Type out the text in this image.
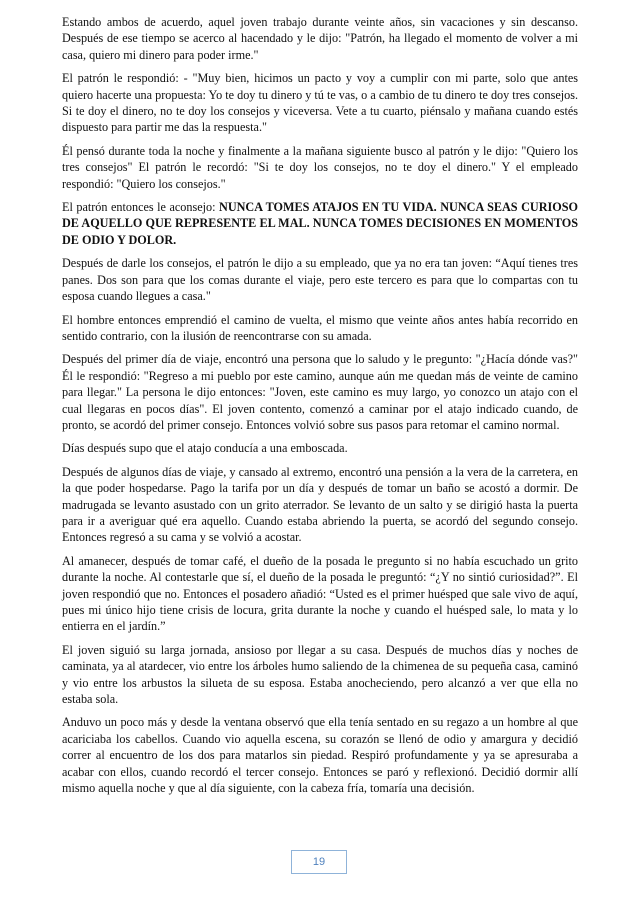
Estando ambos de acuerdo, aquel joven trabajo durante veinte años, sin vacaciones y sin descanso. Después de ese tiempo se acerco al hacendado y le dijo: "Patrón, ha llegado el momento de volver a mi casa, quiero mi dinero para poder irme."

El patrón le respondió: - "Muy bien, hicimos un pacto y voy a cumplir con mi parte, solo que antes quiero hacerte una propuesta: Yo te doy tu dinero y tú te vas, o a cambio de tu dinero te doy tres consejos. Si te doy el dinero, no te doy los consejos y viceversa. Vete a tu cuarto, piénsalo y mañana cuando estés dispuesto para partir me das la respuesta."

Él pensó durante toda la noche y finalmente a la mañana siguiente busco al patrón y le dijo: "Quiero los tres consejos" El patrón le recordó: "Si te doy los consejos, no te doy el dinero." Y el empleado respondió: "Quiero los consejos."

El patrón entonces le aconsejo: NUNCA TOMES ATAJOS EN TU VIDA. NUNCA SEAS CURIOSO DE AQUELLO QUE REPRESENTE EL MAL. NUNCA TOMES DECISIONES EN MOMENTOS DE ODIO Y DOLOR.

Después de darle los consejos, el patrón le dijo a su empleado, que ya no era tan joven: “Aquí tienes tres panes. Dos son para que los comas durante el viaje, pero este tercero es para que lo compartas con tu esposa cuando llegues a casa."

El hombre entonces emprendió el camino de vuelta, el mismo que veinte años antes había recorrido en sentido contrario, con la ilusión de reencontrarse con su amada.

Después del primer día de viaje, encontró una persona que lo saludo y le pregunto: "¿Hacía dónde vas?" Él le respondió: "Regreso a mi pueblo por este camino, aunque aún me quedan más de veinte de camino para llegar." La persona le dijo entonces: "Joven, este camino es muy largo, yo conozco un atajo con el cual llegaras en pocos días". El joven contento, comenzó a caminar por el atajo indicado cuando, de pronto, se acordó del primer consejo. Entonces volvió sobre sus pasos para retomar el camino normal.

Días después supo que el atajo conducía a una emboscada.

Después de algunos días de viaje, y cansado al extremo, encontró una pensión a la vera de la carretera, en la que poder hospedarse. Pago la tarifa por un día y después de tomar un baño se acostó a dormir. De madrugada se levanto asustado con un grito aterrador. Se levanto de un salto y se dirigió hasta la puerta para ir a averiguar qué era aquello. Cuando estaba abriendo la puerta, se acordó del segundo consejo. Entonces regresó a su cama y se volvió a acostar.

Al amanecer, después de tomar café, el dueño de la posada le pregunto si no había escuchado un grito durante la noche. Al contestarle que sí, el dueño de la posada le preguntó: “¿Y no sintió curiosidad?”. El joven respondió que no. Entonces el posadero añadió: “Usted es el primer huésped que sale vivo de aquí, pues mi único hijo tiene crisis de locura, grita durante la noche y cuando el huésped sale, lo mata y lo entierra en el jardín.”

El joven siguió su larga jornada, ansioso por llegar a su casa. Después de muchos días y noches de caminata, ya al atardecer, vio entre los árboles humo saliendo de la chimenea de su pequeña casa, caminó y vio entre los arbustos la silueta de su esposa. Estaba anocheciendo, pero alcanzó a ver que ella no estaba sola.

Anduvo un poco más y desde la ventana observó que ella tenía sentado en su regazo a un hombre al que acariciaba los cabellos. Cuando vio aquella escena, su corazón se llenó de odio y amargura y decidió correr al encuentro de los dos para matarlos sin piedad. Respiró profundamente y ya se apresuraba a acabar con ellos, cuando recordó el tercer consejo. Entonces se paró y reflexionó. Decidió dormir allí mismo aquella noche y que al día siguiente, con la cabeza fría, tomaría una decisión.

19
